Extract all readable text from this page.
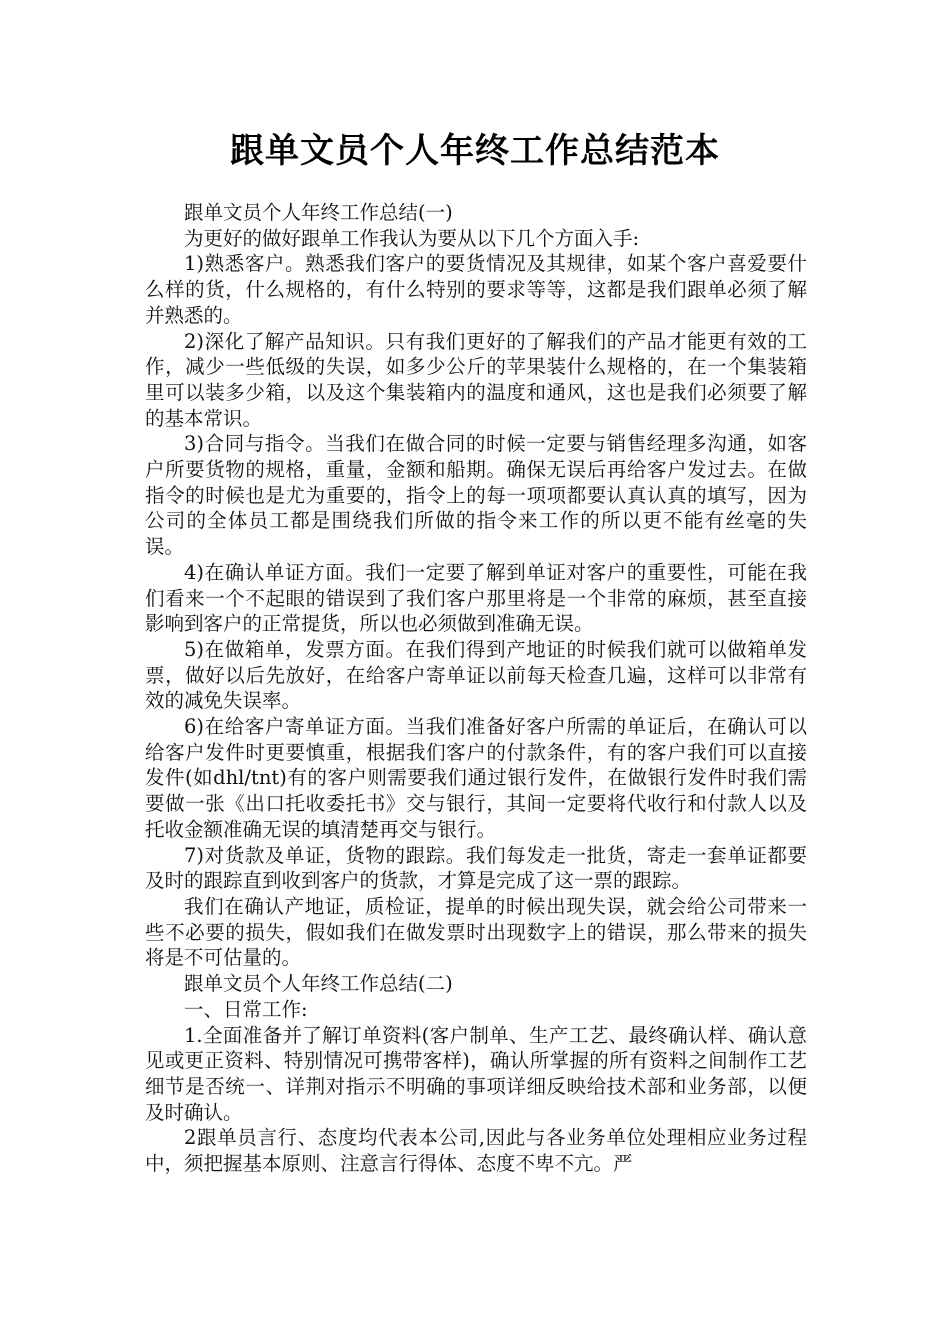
跟单文员个人年终工作总结范本

跟单文员个人年终工作总结(一)

为更好的做好跟单工作我认为要从以下几个方面入手:

1)熟悉客户。熟悉我们客户的要货情况及其规律，如某个客户喜爱要什么样的货，什么规格的，有什么特别的要求等等，这都是我们跟单必须了解并熟悉的。

2)深化了解产品知识。只有我们更好的了解我们的产品才能更有效的工作，减少一些低级的失误，如多少公斤的苹果装什么规格的，在一个集装箱里可以装多少箱，以及这个集装箱内的温度和通风，这也是我们必须要了解的基本常识。

3)合同与指令。当我们在做合同的时候一定要与销售经理多沟通，如客户所要货物的规格，重量，金额和船期。确保无误后再给客户发过去。在做指令的时候也是尤为重要的，指令上的每一项项都要认真认真的填写，因为公司的全体员工都是围绕我们所做的指令来工作的所以更不能有丝毫的失误。

4)在确认单证方面。我们一定要了解到单证对客户的重要性，可能在我们看来一个不起眼的错误到了我们客户那里将是一个非常的麻烦，甚至直接影响到客户的正常提货，所以也必须做到准确无误。

5)在做箱单，发票方面。在我们得到产地证的时候我们就可以做箱单发票，做好以后先放好，在给客户寄单证以前每天检查几遍，这样可以非常有效的减免失误率。

6)在给客户寄单证方面。当我们准备好客户所需的单证后，在确认可以给客户发件时更要慎重，根据我们客户的付款条件，有的客户我们可以直接发件(如dhl/tnt)有的客户则需要我们通过银行发件，在做银行发件时我们需要做一张《出口托收委托书》交与银行，其间一定要将代收行和付款人以及托收金额准确无误的填清楚再交与银行。

7)对货款及单证，货物的跟踪。我们每发走一批货，寄走一套单证都要及时的跟踪直到收到客户的货款，才算是完成了这一票的跟踪。

我们在确认产地证，质检证，提单的时候出现失误，就会给公司带来一些不必要的损失，假如我们在做发票时出现数字上的错误，那么带来的损失将是不可估量的。

跟单文员个人年终工作总结(二)

一、日常工作:

1.全面准备并了解订单资料(客户制单、生产工艺、最终确认样、确认意见或更正资料、特别情况可携带客样)，确认所掌握的所有资料之间制作工艺细节是否统一、详荆对指示不明确的事项详细反映给技术部和业务部，以便及时确认。

2跟单员言行、态度均代表本公司,因此与各业务单位处理相应业务过程中，须把握基本原则、注意言行得体、态度不卑不亢。严
